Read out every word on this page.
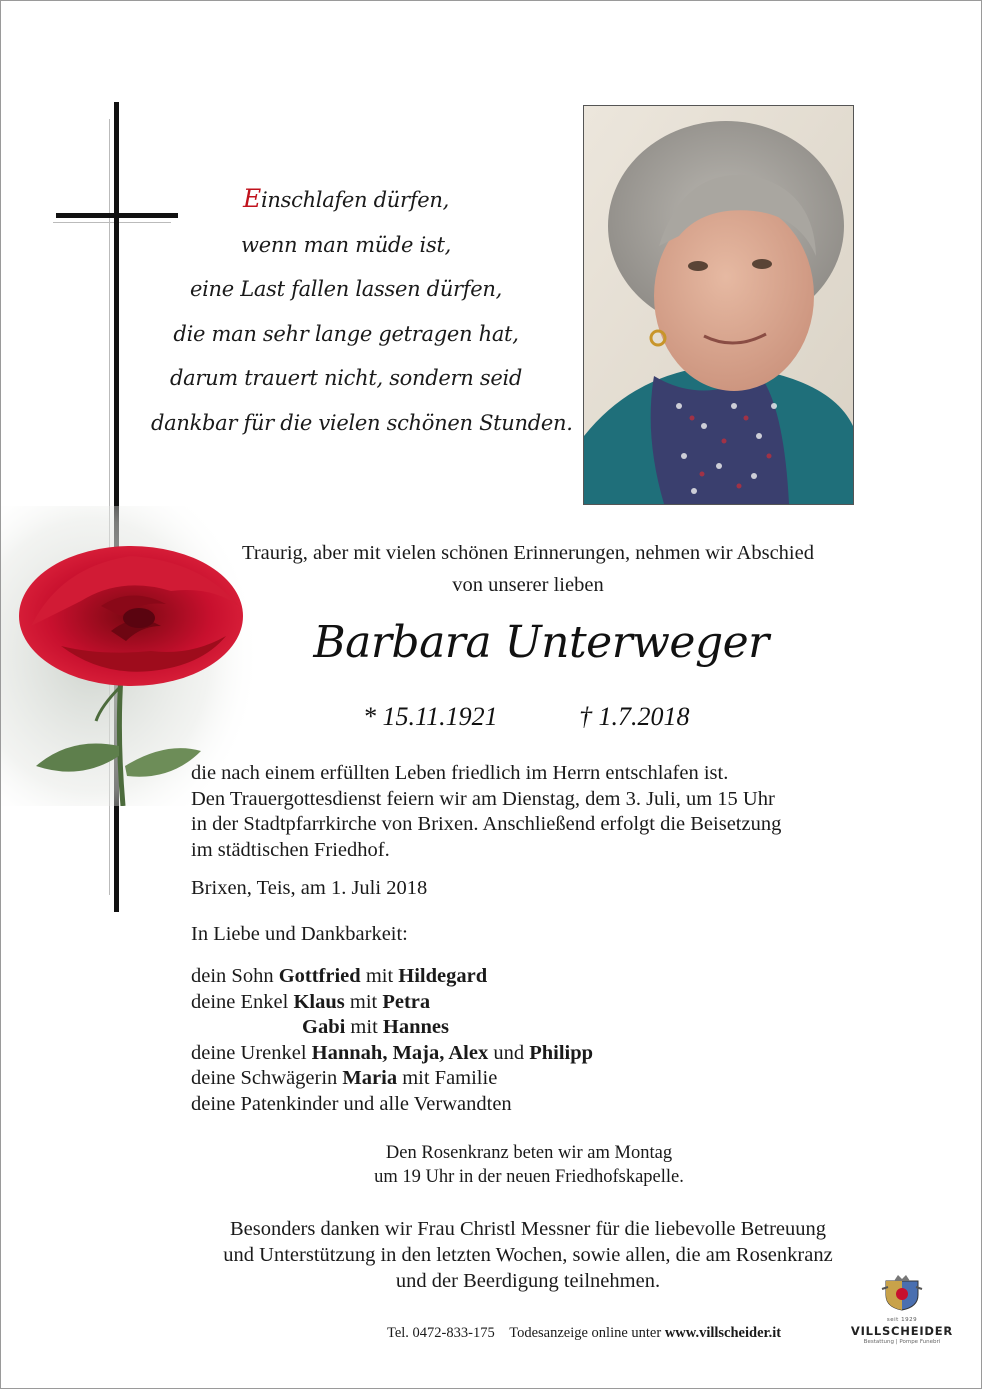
Einschlafen dürfen,
wenn man müde ist,
eine Last fallen lassen dürfen,
die man sehr lange getragen hat,
darum trauert nicht, sondern seid
dankbar für die vielen schönen Stunden.
Traurig, aber mit vielen schönen Erinnerungen, nehmen wir Abschied
von unserer lieben
Barbara Unterweger
* 15.11.1921	† 1.7.2018
die nach einem erfüllten Leben friedlich im Herrn entschlafen ist.
Den Trauergottesdienst feiern wir am Dienstag, dem 3. Juli, um 15 Uhr
in der Stadtpfarrkirche von Brixen. Anschließend erfolgt die Beisetzung
im städtischen Friedhof.
Brixen, Teis, am 1. Juli 2018
In Liebe und Dankbarkeit:
dein Sohn Gottfried mit Hildegard
deine Enkel Klaus mit Petra
Gabi mit Hannes
deine Urenkel Hannah, Maja, Alex und Philipp
deine Schwägerin Maria mit Familie
deine Patenkinder und alle Verwandten
Den Rosenkranz beten wir am Montag
um 19 Uhr in der neuen Friedhofskapelle.
Besonders danken wir Frau Christl Messner für die liebevolle Betreuung
und Unterstützung in den letzten Wochen, sowie allen, die am Rosenkranz
und der Beerdigung teilnehmen.
Tel. 0472-833-175 Todesanzeige online unter www.villscheider.it
seit 1929
VILLSCHEIDER
Bestattung | Pompe Funebri
